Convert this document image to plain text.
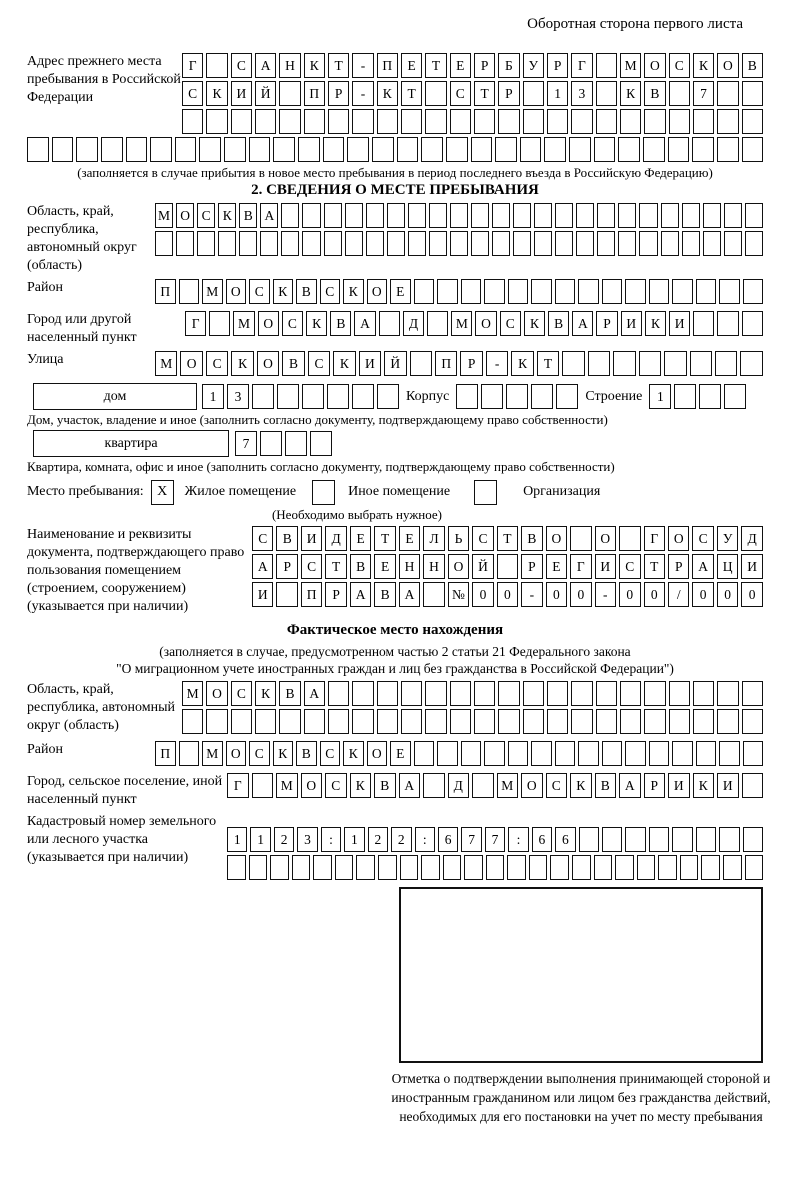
Оборотная сторона первого листа
Адрес прежнего места пребывания в Российской Федерации
Г	С	А	Н	К	Т	-	П	Е	Т	Е	Р	Б	У	Р	Г	М О	С	К	О	В
С	К	И	Й	П	Р	-	К	Т	С	Т	Р	1	3	К	В	7
(заполняется в случае прибытия в новое место пребывания в период последнего въезда в Российскую Федерацию)
2. СВЕДЕНИЯ О МЕСТЕ ПРЕБЫВАНИЯ
Область, край, республика, автономный округ (область)
М О С К В А
Район	П	М О	С	К	В	С	К	О	Е
Город или другой населенный пункт
Г	М О	С	К	В	А	Д	М О	С	К	В	А	Р	И	К	И
Улица	М	О	С	К	О	В	С	К	И	Й	П	Р	-	К	Т
дом	1	3	Корпус	Строение	1
Дом, участок, владение и иное (заполнить согласно документу, подтверждающему право собственности)
квартира	7
Квартира, комната, офис и иное (заполнить согласно документу, подтверждающему право собственности)
Место пребывания: X	Жилое помещение	Иное помещение	Организация
(Необходимо выбрать нужное)
Наименование и реквизиты документа, подтверждающего право пользования помещением (строением, сооружением) (указывается при наличии)
С	В	И	Д	Е	Т	Е	Л	Ь	С	Т	В	О	О	Г	О	С	У	Д
А	Р	С	Т	В	Е	Н	Н	О	Й	Р	Е	Г	И	С	Т	Р	А	Ц	И
И	П	Р	А	В	А	№	0	0	-	0	0	-	0	0	/	0	0	0
Фактическое место нахождения
(заполняется в случае, предусмотренном частью 2 статьи 21 Федерального закона
"О миграционном учете иностранных граждан и лиц без гражданства в Российской Федерации")
Область, край, республика, автономный округ (область)
М О	С	К	В	А
Район	П	М О	С	К	В	С	К	О	Е
Город, сельское поселение, иной населенный пункт
Г	М	О	С	К	В	А	Д	М	О	С	К	В	А	Р	И	К	И
Кадастровый номер земельного или лесного участка (указывается при наличии)
1	1	2	3	:	1	2	2	:	6	7	7	:	6	6
Отметка о подтверждении выполнения принимающей стороной и иностранным гражданином или лицом без гражданства действий, необходимых для его постановки на учет по месту пребывания
